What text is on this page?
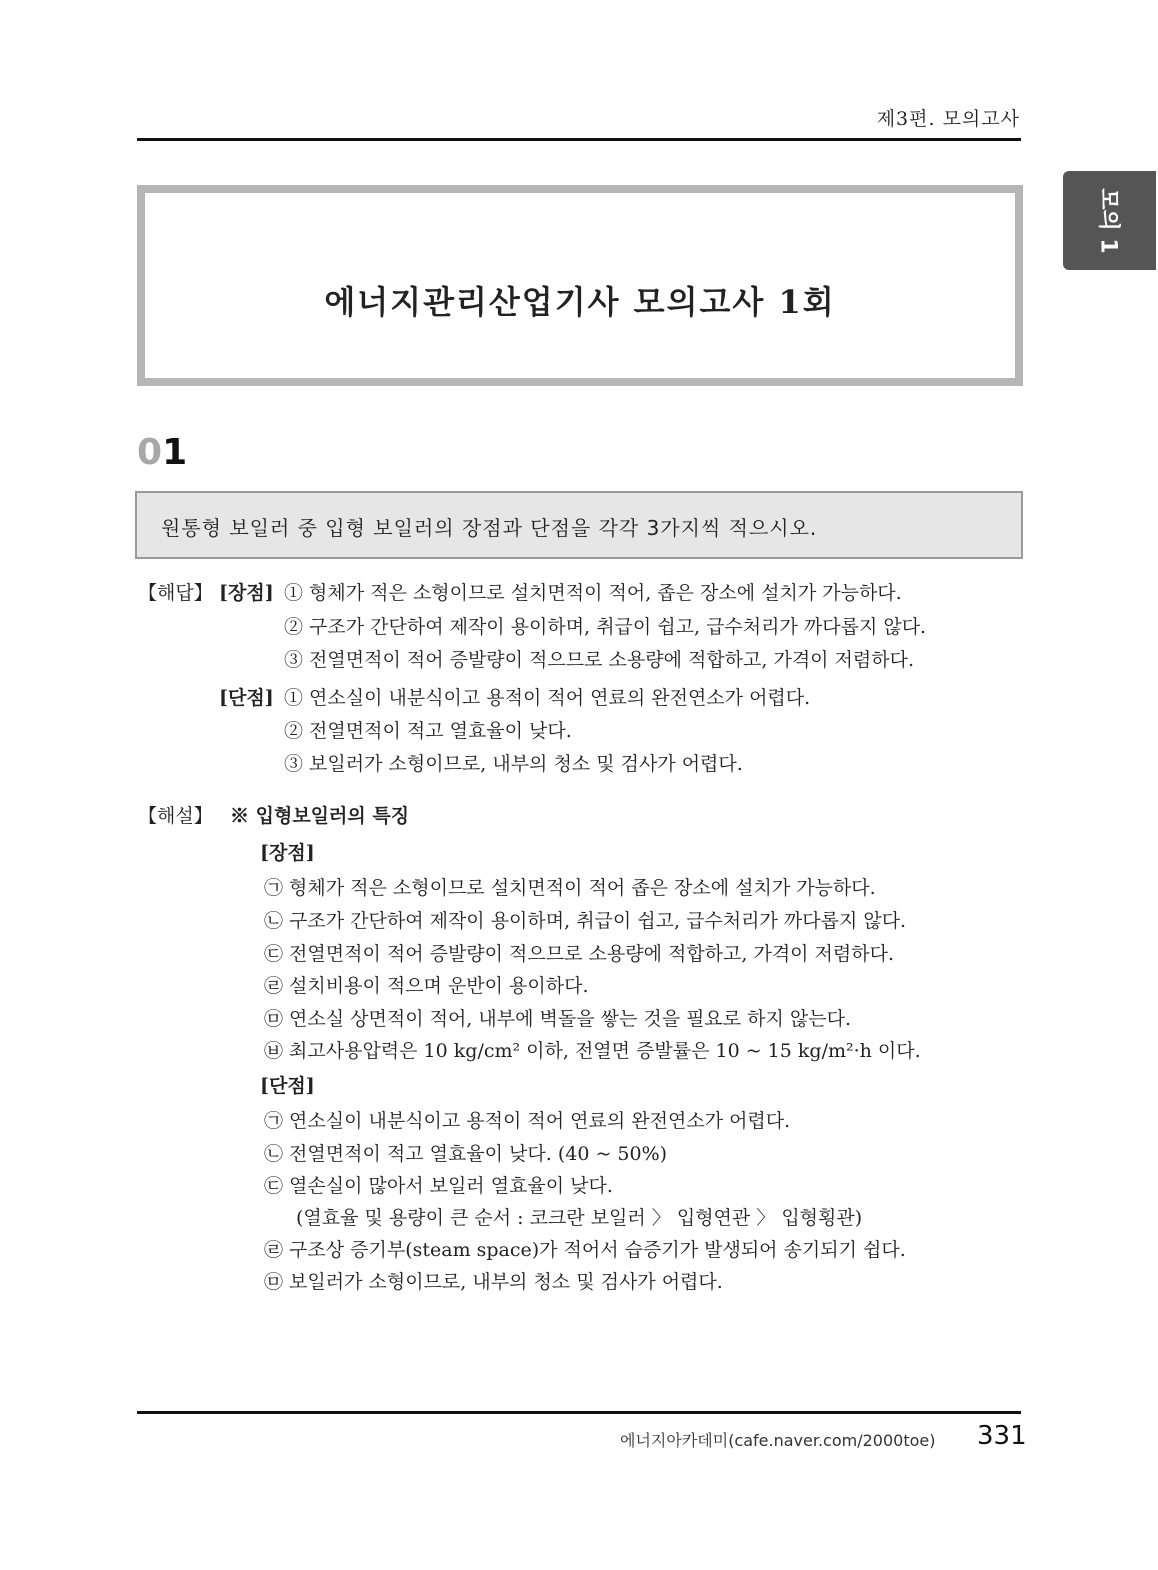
제3편. 모의고사
모의 1
에너지관리산업기사 모의고사 1회
01
원통형 보일러 중 입형 보일러의 장점과 단점을 각각 3가지씩 적으시오.
【해답】 [장점] ① 형체가 적은 소형이므로 설치면적이 적어, 좁은 장소에 설치가 가능하다.
② 구조가 간단하여 제작이 용이하며, 취급이 쉽고, 급수처리가 까다롭지 않다.
③ 전열면적이 적어 증발량이 적으므로 소용량에 적합하고, 가격이 저렴하다.
[단점] ① 연소실이 내분식이고 용적이 적어 연료의 완전연소가 어렵다.
② 전열면적이 적고 열효율이 낮다.
③ 보일러가 소형이므로, 내부의 청소 및 검사가 어렵다.
【해설】 ※ 입형보일러의 특징
[장점]
㉠ 형체가 적은 소형이므로 설치면적이 적어 좁은 장소에 설치가 가능하다.
㉡ 구조가 간단하여 제작이 용이하며, 취급이 쉽고, 급수처리가 까다롭지 않다.
㉢ 전열면적이 적어 증발량이 적으므로 소용량에 적합하고, 가격이 저렴하다.
㉣ 설치비용이 적으며 운반이 용이하다.
㉤ 연소실 상면적이 적어, 내부에 벽돌을 쌓는 것을 필요로 하지 않는다.
㉥ 최고사용압력은 10 kg/cm² 이하, 전열면 증발률은 10 ~ 15 kg/m²·h 이다.
[단점]
㉠ 연소실이 내분식이고 용적이 적어 연료의 완전연소가 어렵다.
㉡ 전열면적이 적고 열효율이 낮다. (40 ~ 50%)
㉢ 열손실이 많아서 보일러 열효율이 낮다.
(열효율 및 용량이 큰 순서 : 코크란 보일러 〉 입형연관 〉 입형횡관)
㉣ 구조상 증기부(steam space)가 적어서 습증기가 발생되어 송기되기 쉽다.
㉤ 보일러가 소형이므로, 내부의 청소 및 검사가 어렵다.
에너지아카데미(cafe.naver.com/2000toe) 331
